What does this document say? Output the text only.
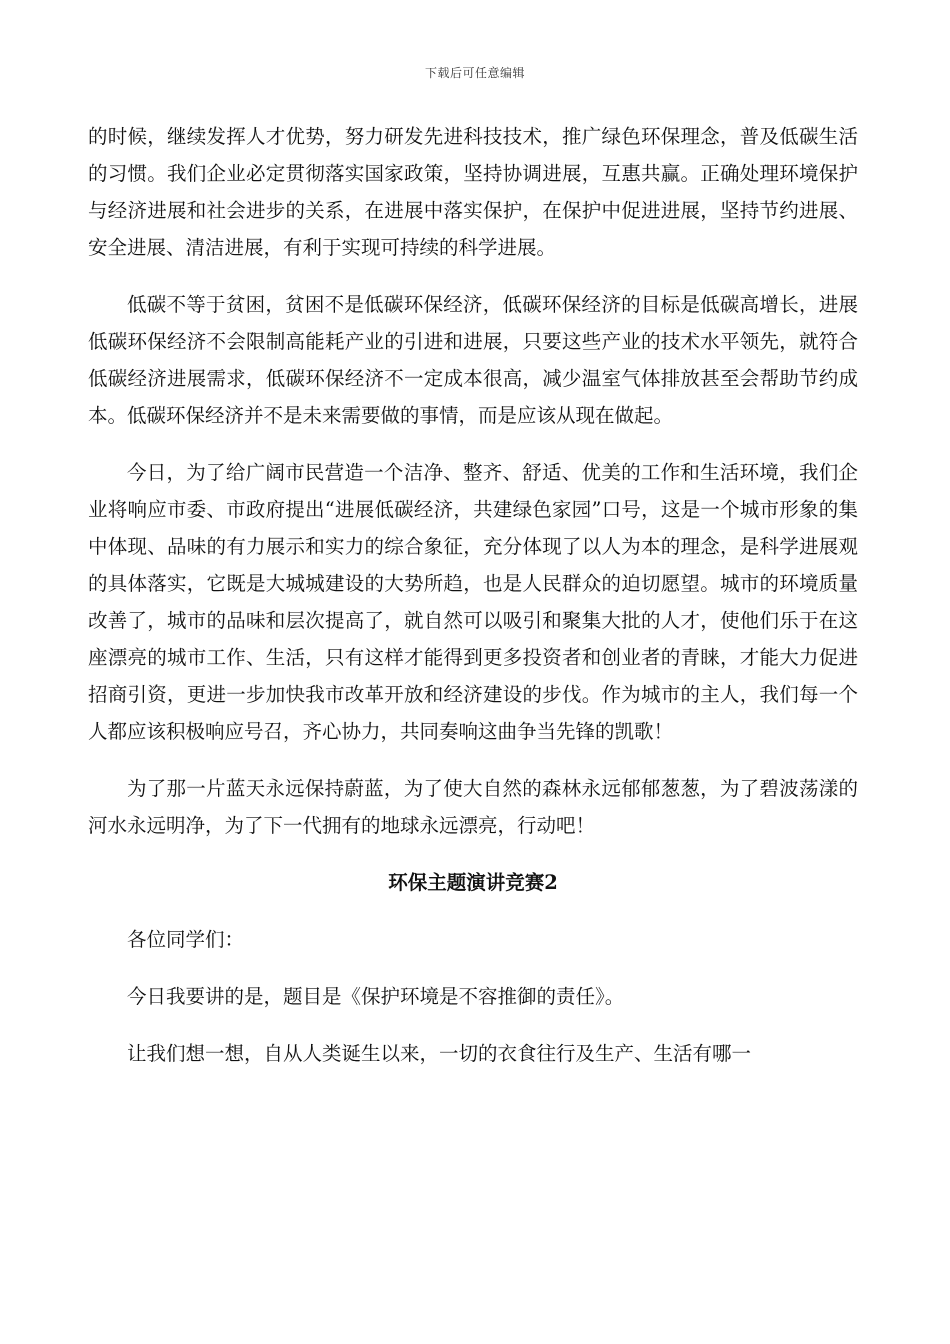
下载后可任意编辑

的时候，继续发挥人才优势，努力研发先进科技技术，推广绿色环保理念，普及低碳生活的习惯。我们企业必定贯彻落实国家政策，坚持协调进展，互惠共赢。正确处理环境保护与经济进展和社会进步的关系，在进展中落实保护，在保护中促进进展，坚持节约进展、安全进展、清洁进展，有利于实现可持续的科学进展。

低碳不等于贫困，贫困不是低碳环保经济，低碳环保经济的目标是低碳高增长，进展低碳环保经济不会限制高能耗产业的引进和进展，只要这些产业的技术水平领先，就符合低碳经济进展需求，低碳环保经济不一定成本很高，减少温室气体排放甚至会帮助节约成本。低碳环保经济并不是未来需要做的事情，而是应该从现在做起。

今日，为了给广阔市民营造一个洁净、整齐、舒适、优美的工作和生活环境，我们企业将响应市委、市政府提出“进展低碳经济，共建绿色家园”口号，这是一个城市形象的集中体现、品味的有力展示和实力的综合象征，充分体现了以人为本的理念，是科学进展观的具体落实，它既是大城城建设的大势所趋，也是人民群众的迫切愿望。城市的环境质量改善了，城市的品味和层次提高了，就自然可以吸引和聚集大批的人才，使他们乐于在这座漂亮的城市工作、生活，只有这样才能得到更多投资者和创业者的青睐，才能大力促进招商引资，更进一步加快我市改革开放和经济建设的步伐。作为城市的主人，我们每一个人都应该积极响应号召，齐心协力，共同奏响这曲争当先锋的凯歌！

为了那一片蓝天永远保持蔚蓝，为了使大自然的森林永远郁郁葱葱，为了碧波荡漾的河水永远明净，为了下一代拥有的地球永远漂亮，行动吧！

环保主题演讲竞赛2

各位同学们：

今日我要讲的是，题目是《保护环境是不容推御的责任》。

让我们想一想，自从人类诞生以来，一切的衣食往行及生产、生活有哪一
